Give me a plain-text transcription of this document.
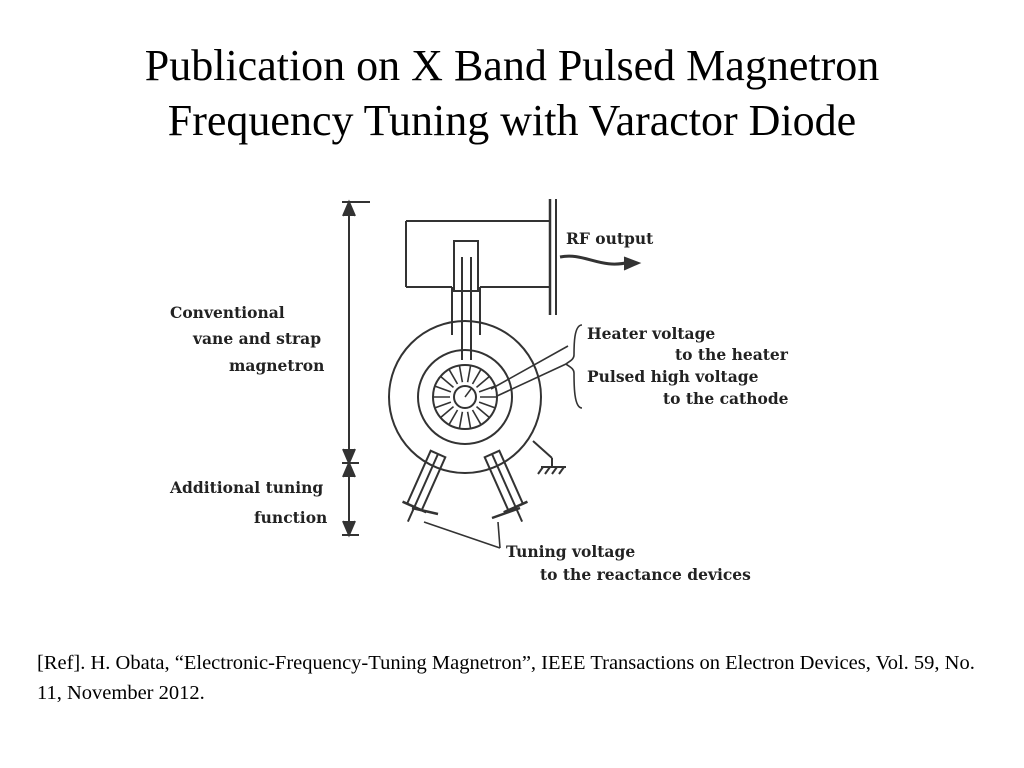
Publication on X Band Pulsed Magnetron
Frequency Tuning with Varactor Diode
RF output
Conventional
vane and strap
magnetron
Additional tuning
function
Heater voltage
to the heater
Pulsed high voltage
to the cathode
Tuning voltage
to the reactance devices
[Ref]. H. Obata, “Electronic-Frequency-Tuning Magnetron”, IEEE Transactions on Electron Devices, Vol. 59, No. 11, November 2012.
